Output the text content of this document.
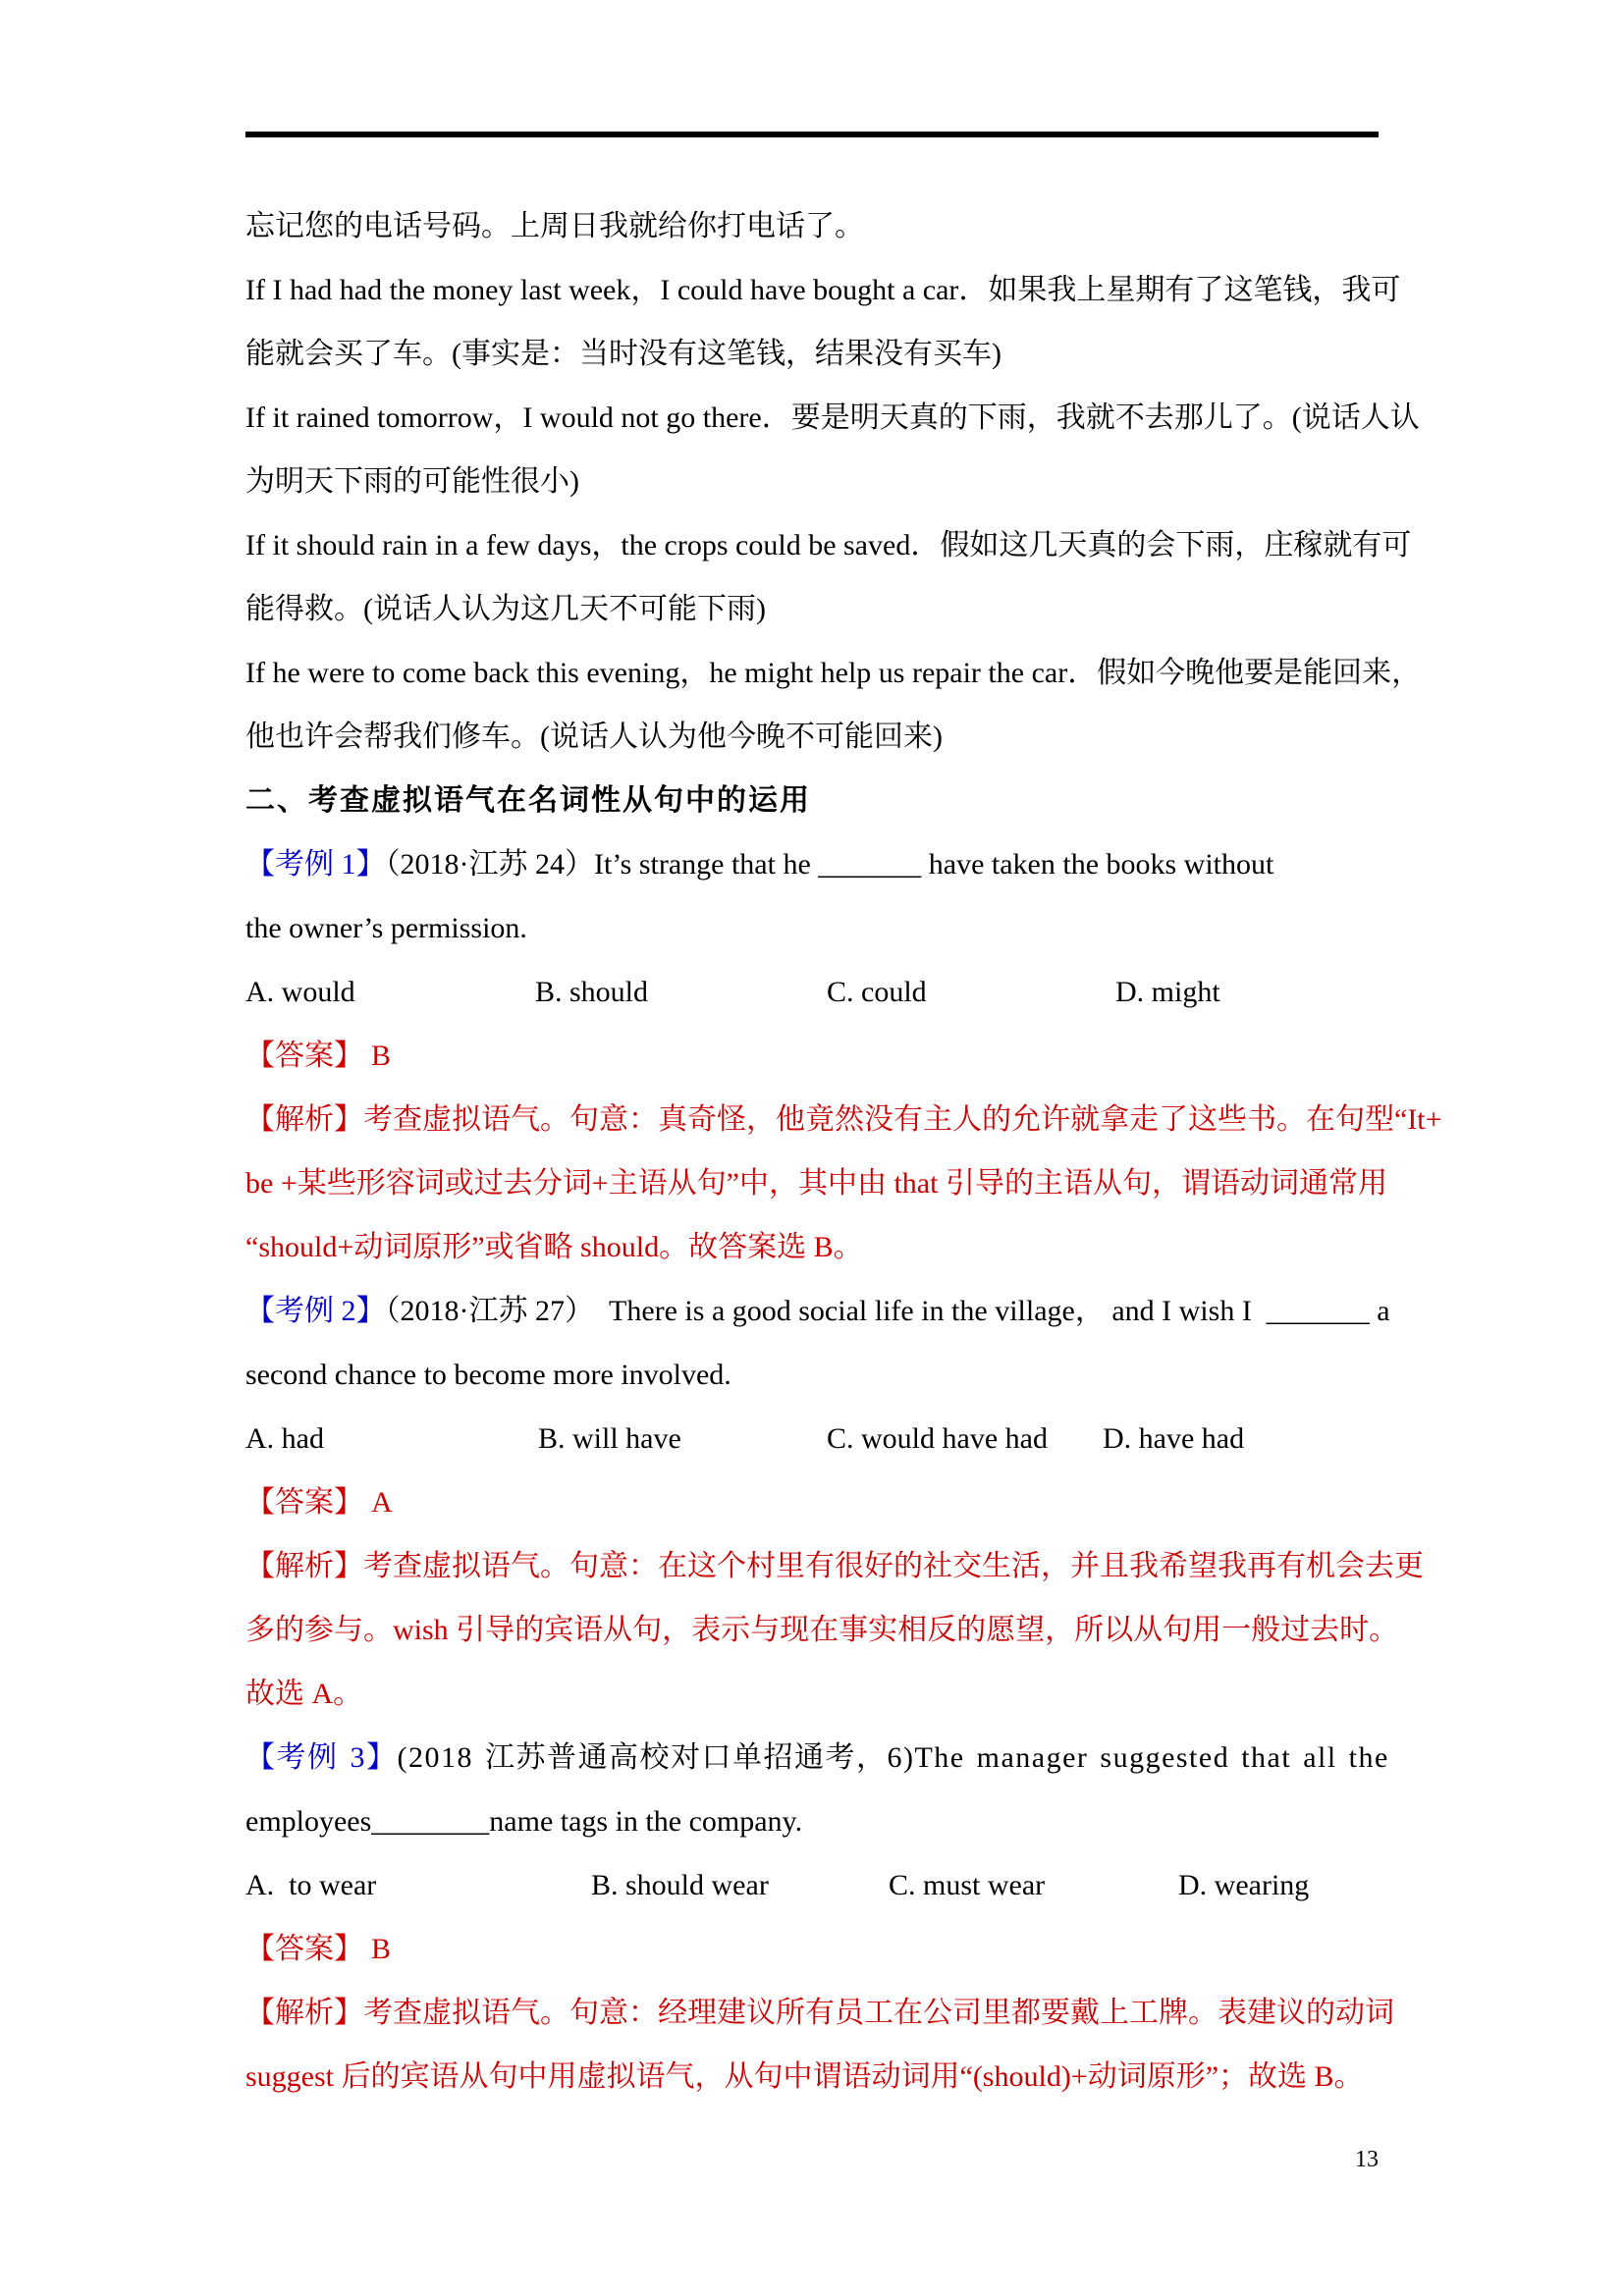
忘记您的电话号码。上周日我就给你打电话了。

If I had had the money last week，I could have bought a car．如果我上星期有了这笔钱，我可

能就会买了车。(事实是：当时没有这笔钱，结果没有买车)

If it rained tomorrow，I would not go there．要是明天真的下雨，我就不去那儿了。(说话人认

为明天下雨的可能性很小)

If it should rain in a few days，the crops could be saved．假如这几天真的会下雨，庄稼就有可

能得救。(说话人认为这几天不可能下雨)

If he were to come back this evening，he might help us repair the car．假如今晚他要是能回来，

他也许会帮我们修车。(说话人认为他今晚不可能回来)

二、考查虚拟语气在名词性从句中的运用

【考例 1】（2018·江苏 24）It’s strange that he _______ have taken the books without

the owner’s permission.

A. would	B. should	C. could	D. might

【答案】 B

【解析】考查虚拟语气。句意：真奇怪，他竟然没有主人的允许就拿走了这些书。在句型“It+

be +某些形容词或过去分词+主语从句”中，其中由 that 引导的主语从句，谓语动词通常用

“should+动词原形”或省略 should。故答案选 B。

【考例 2】（2018·江苏 27）  There is a good social life in the village， and I wish I  _______ a

second chance to become more involved.

A. had	B. will have	C. would have had D. have had

【答案】 A

【解析】考查虚拟语气。句意：在这个村里有很好的社交生活，并且我希望我再有机会去更

多的参与。wish 引导的宾语从句，表示与现在事实相反的愿望，所以从句用一般过去时。

故选 A。

【考例 3】(2018 江苏普通高校对口单招通考，6)The manager suggested that all the

employees________name tags in the company.

A.  to wear	B. should wear	C. must wear	D. wearing

【答案】 B

【解析】考查虚拟语气。句意：经理建议所有员工在公司里都要戴上工牌。表建议的动词

suggest 后的宾语从句中用虚拟语气，从句中谓语动词用“(should)+动词原形”；故选 B。

13
